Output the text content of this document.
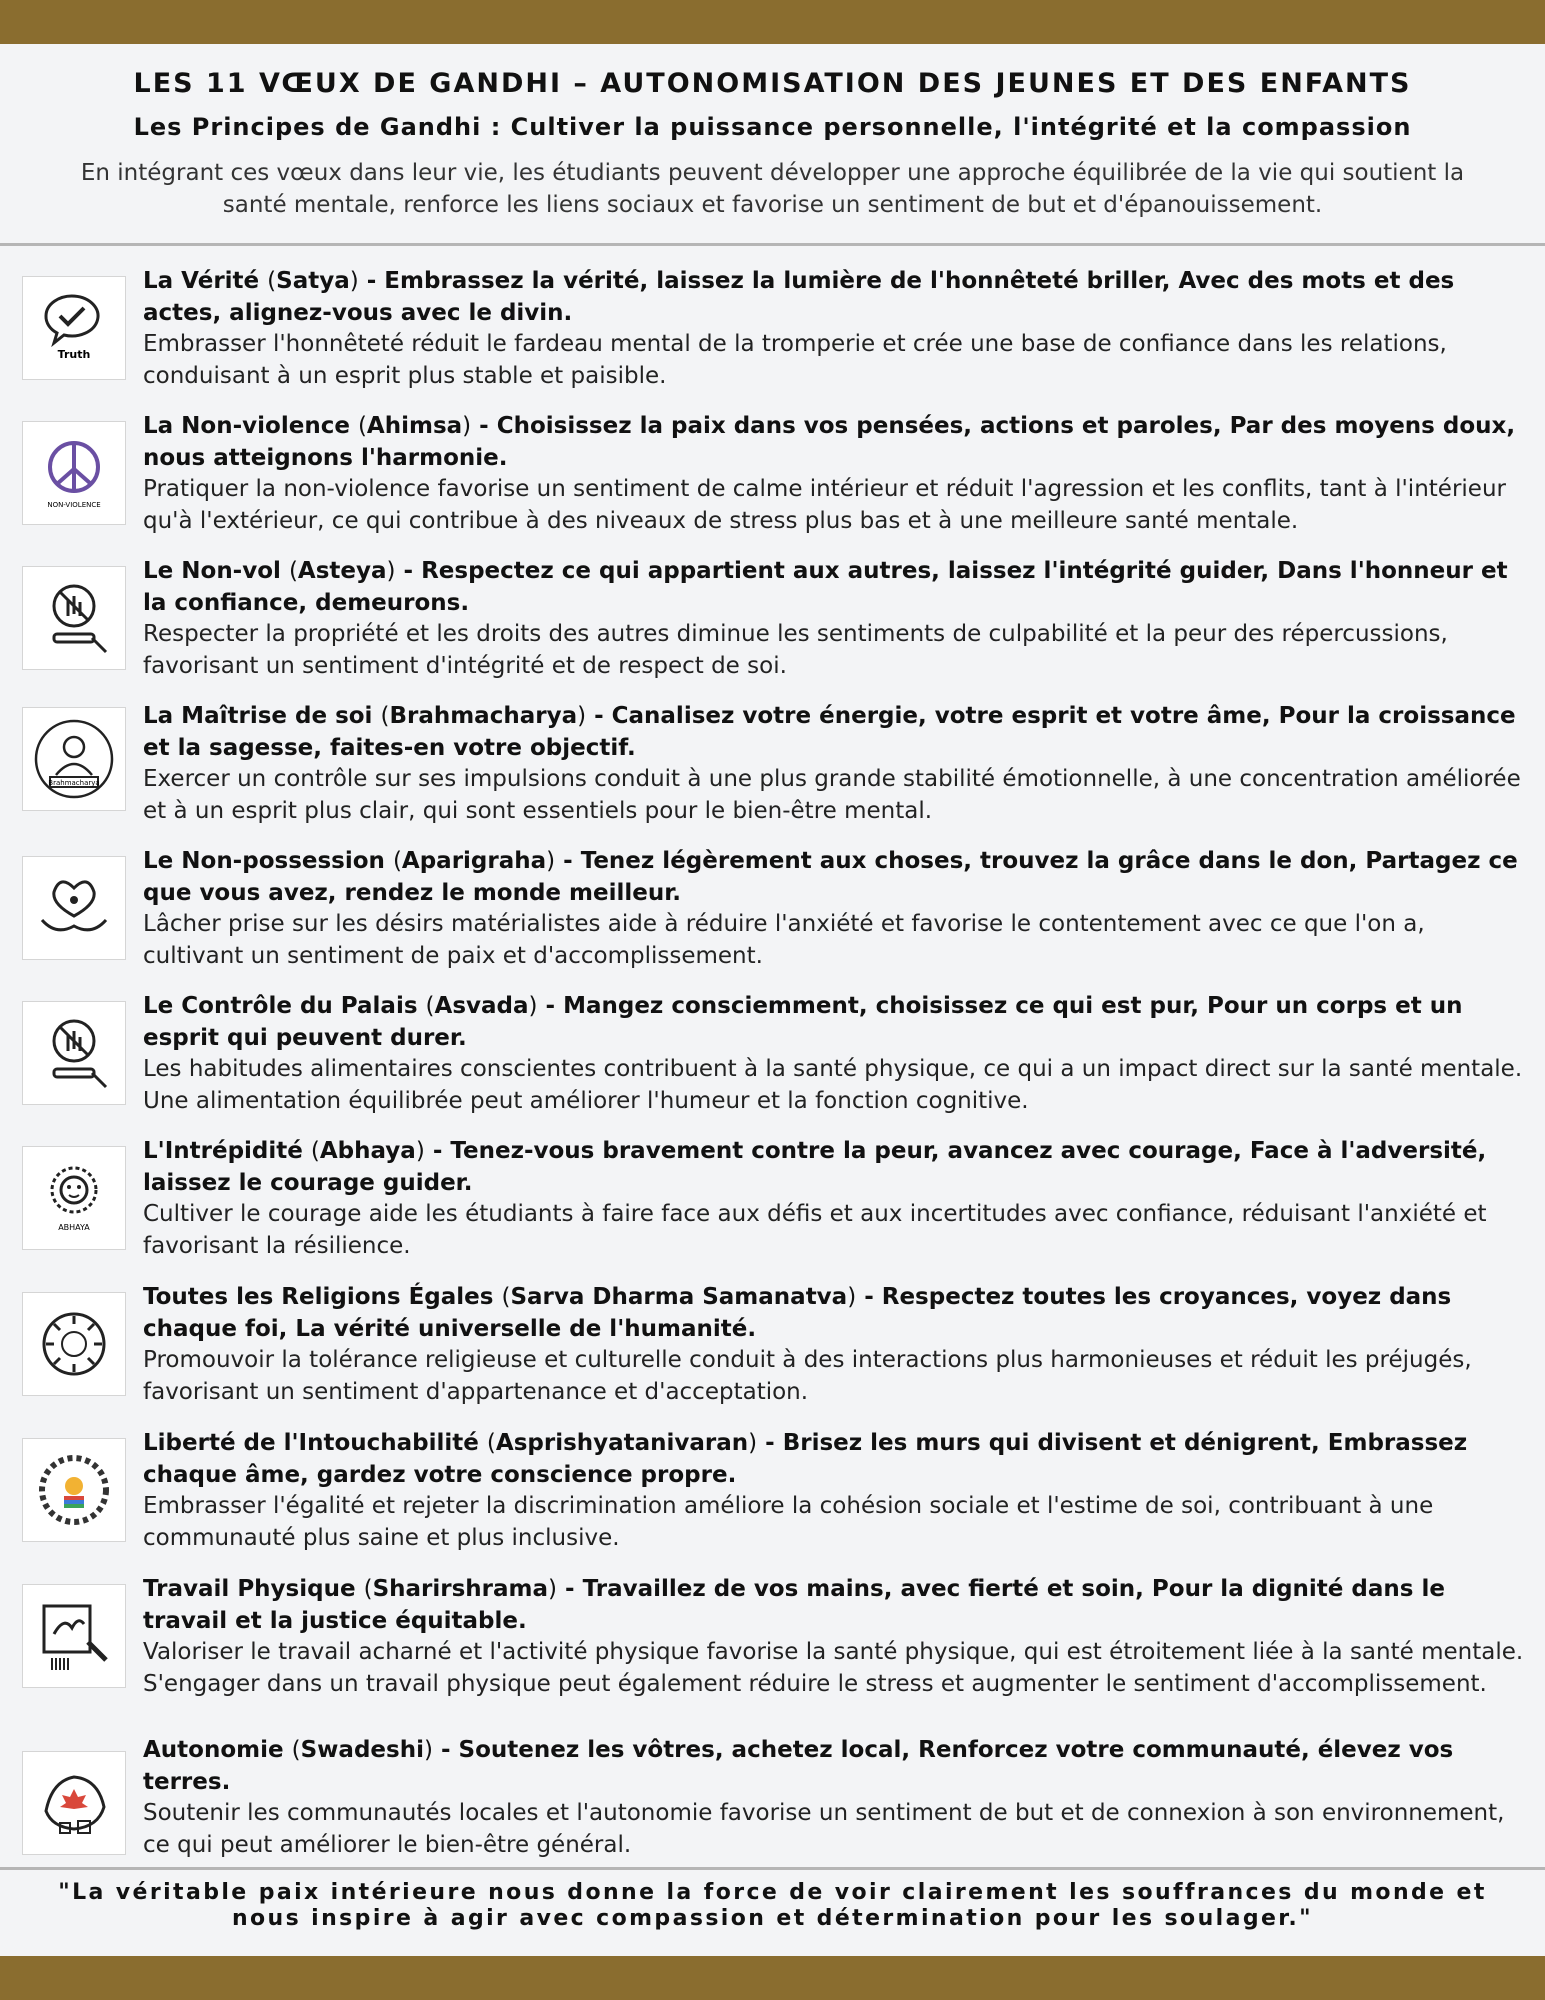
LES 11 VŒUX DE GANDHI – AUTONOMISATION DES JEUNES ET DES ENFANTS
Les Principes de Gandhi : Cultiver la puissance personnelle, l'intégrité et la compassion
En intégrant ces vœux dans leur vie, les étudiants peuvent développer une approche équilibrée de la vie qui soutient la santé mentale, renforce les liens sociaux et favorise un sentiment de but et d'épanouissement.
Truth
La Vérité (Satya) - Embrassez la vérité, laissez la lumière de l'honnêteté briller, Avec des mots et des actes, alignez-vous avec le divin.
Embrasser l'honnêteté réduit le fardeau mental de la tromperie et crée une base de confiance dans les relations, conduisant à un esprit plus stable et paisible.
NON-VIOLENCE
La Non-violence (Ahimsa) - Choisissez la paix dans vos pensées, actions et paroles, Par des moyens doux, nous atteignons l'harmonie.
Pratiquer la non-violence favorise un sentiment de calme intérieur et réduit l'agression et les conflits, tant à l'intérieur qu'à l'extérieur, ce qui contribue à des niveaux de stress plus bas et à une meilleure santé mentale.
Le Non-vol (Asteya) - Respectez ce qui appartient aux autres, laissez l'intégrité guider, Dans l'honneur et la confiance, demeurons.
Respecter la propriété et les droits des autres diminue les sentiments de culpabilité et la peur des répercussions, favorisant un sentiment d'intégrité et de respect de soi.
Brahmacharya
La Maîtrise de soi (Brahmacharya) - Canalisez votre énergie, votre esprit et votre âme, Pour la croissance et la sagesse, faites-en votre objectif.
Exercer un contrôle sur ses impulsions conduit à une plus grande stabilité émotionnelle, à une concentration améliorée et à un esprit plus clair, qui sont essentiels pour le bien-être mental.
Le Non-possession (Aparigraha) - Tenez légèrement aux choses, trouvez la grâce dans le don, Partagez ce que vous avez, rendez le monde meilleur.
Lâcher prise sur les désirs matérialistes aide à réduire l'anxiété et favorise le contentement avec ce que l'on a, cultivant un sentiment de paix et d'accomplissement.
Le Contrôle du Palais (Asvada) - Mangez consciemment, choisissez ce qui est pur, Pour un corps et un esprit qui peuvent durer.
Les habitudes alimentaires conscientes contribuent à la santé physique, ce qui a un impact direct sur la santé mentale. Une alimentation équilibrée peut améliorer l'humeur et la fonction cognitive.
ABHAYA
L'Intrépidité (Abhaya) - Tenez-vous bravement contre la peur, avancez avec courage, Face à l'adversité, laissez le courage guider.
Cultiver le courage aide les étudiants à faire face aux défis et aux incertitudes avec confiance, réduisant l'anxiété et favorisant la résilience.
Toutes les Religions Égales (Sarva Dharma Samanatva) - Respectez toutes les croyances, voyez dans chaque foi, La vérité universelle de l'humanité.
Promouvoir la tolérance religieuse et culturelle conduit à des interactions plus harmonieuses et réduit les préjugés, favorisant un sentiment d'appartenance et d'acceptation.
Liberté de l'Intouchabilité (Asprishyatanivaran) - Brisez les murs qui divisent et dénigrent, Embrassez chaque âme, gardez votre conscience propre.
Embrasser l'égalité et rejeter la discrimination améliore la cohésion sociale et l'estime de soi, contribuant à une communauté plus saine et plus inclusive.
Travail Physique (Sharirshrama) - Travaillez de vos mains, avec fierté et soin, Pour la dignité dans le travail et la justice équitable.
Valoriser le travail acharné et l'activité physique favorise la santé physique, qui est étroitement liée à la santé mentale. S'engager dans un travail physique peut également réduire le stress et augmenter le sentiment d'accomplissement.
Autonomie (Swadeshi) - Soutenez les vôtres, achetez local, Renforcez votre communauté, élevez vos terres.
Soutenir les communautés locales et l'autonomie favorise un sentiment de but et de connexion à son environnement, ce qui peut améliorer le bien-être général.
"La véritable paix intérieure nous donne la force de voir clairement les souffrances du monde et nous inspire à agir avec compassion et détermination pour les soulager."
